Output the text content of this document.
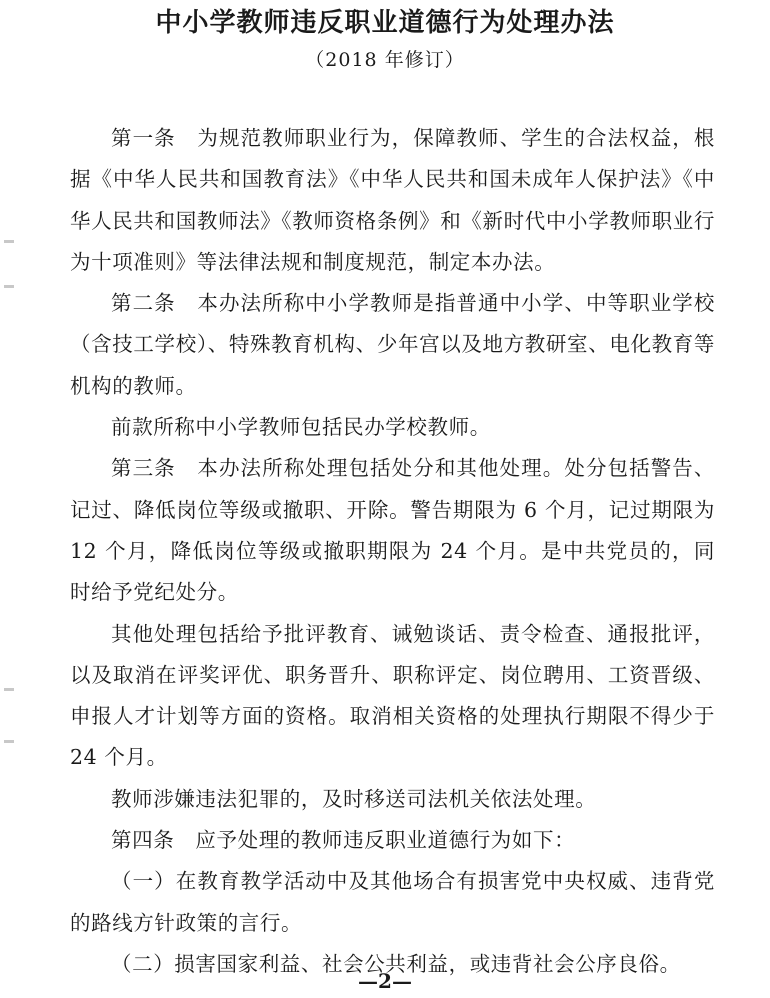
中小学教师违反职业道德行为处理办法
（2018 年修订）

第一条　为规范教师职业行为，保障教师、学生的合法权益，根据《中华人民共和国教育法》《中华人民共和国未成年人保护法》《中华人民共和国教师法》《教师资格条例》和《新时代中小学教师职业行为十项准则》等法律法规和制度规范，制定本办法。

第二条　本办法所称中小学教师是指普通中小学、中等职业学校（含技工学校）、特殊教育机构、少年宫以及地方教研室、电化教育等机构的教师。

前款所称中小学教师包括民办学校教师。

第三条　本办法所称处理包括处分和其他处理。处分包括警告、记过、降低岗位等级或撤职、开除。警告期限为 6 个月，记过期限为 12 个月，降低岗位等级或撤职期限为 24 个月。是中共党员的，同时给予党纪处分。

其他处理包括给予批评教育、诫勉谈话、责令检查、通报批评，以及取消在评奖评优、职务晋升、职称评定、岗位聘用、工资晋级、申报人才计划等方面的资格。取消相关资格的处理执行期限不得少于 24 个月。

教师涉嫌违法犯罪的，及时移送司法机关依法处理。

第四条　应予处理的教师违反职业道德行为如下：

（一）在教育教学活动中及其他场合有损害党中央权威、违背党的路线方针政策的言行。

（二）损害国家利益、社会公共利益，或违背社会公序良俗。

—2—
